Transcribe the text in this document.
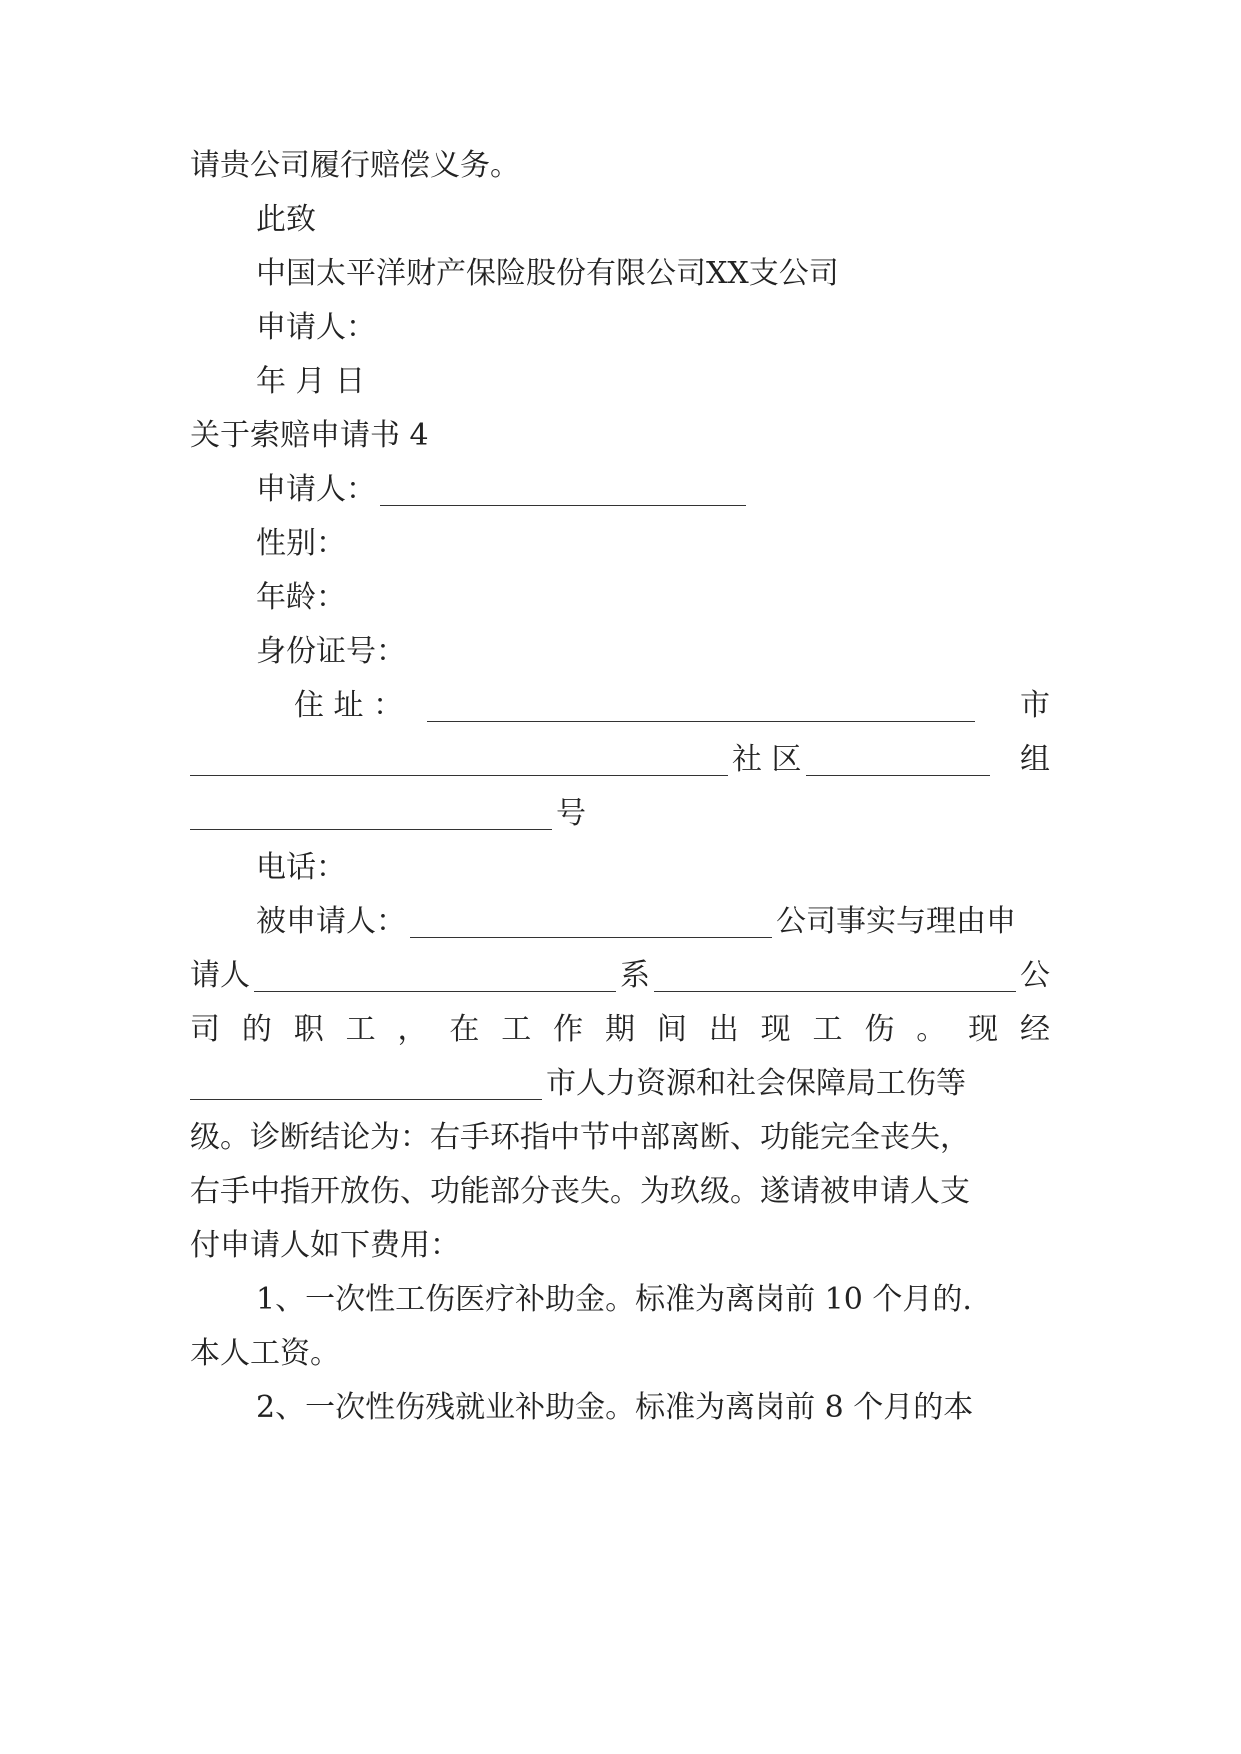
请贵公司履行赔偿义务。
此致
中国太平洋财产保险股份有限公司XX支公司
申请人：
年 月 日
关于索赔申请书 4
申请人：
性别：
年龄：
身份证号：
住 址 ：	市
社 区	组
号
电话：
被申请人：	公司事实与理由申
请人	系	公
司 的 职 工 ， 在 工 作 期 间 出 现 工 伤 。 现 经
市人力资源和社会保障局工伤等
级。诊断结论为：右手环指中节中部离断、功能完全丧失，
右手中指开放伤、功能部分丧失。为玖级。遂请被申请人支
付申请人如下费用：
1、一次性工伤医疗补助金。标准为离岗前 10 个月的.
本人工资。
2、一次性伤残就业补助金。标准为离岗前 8 个月的本
